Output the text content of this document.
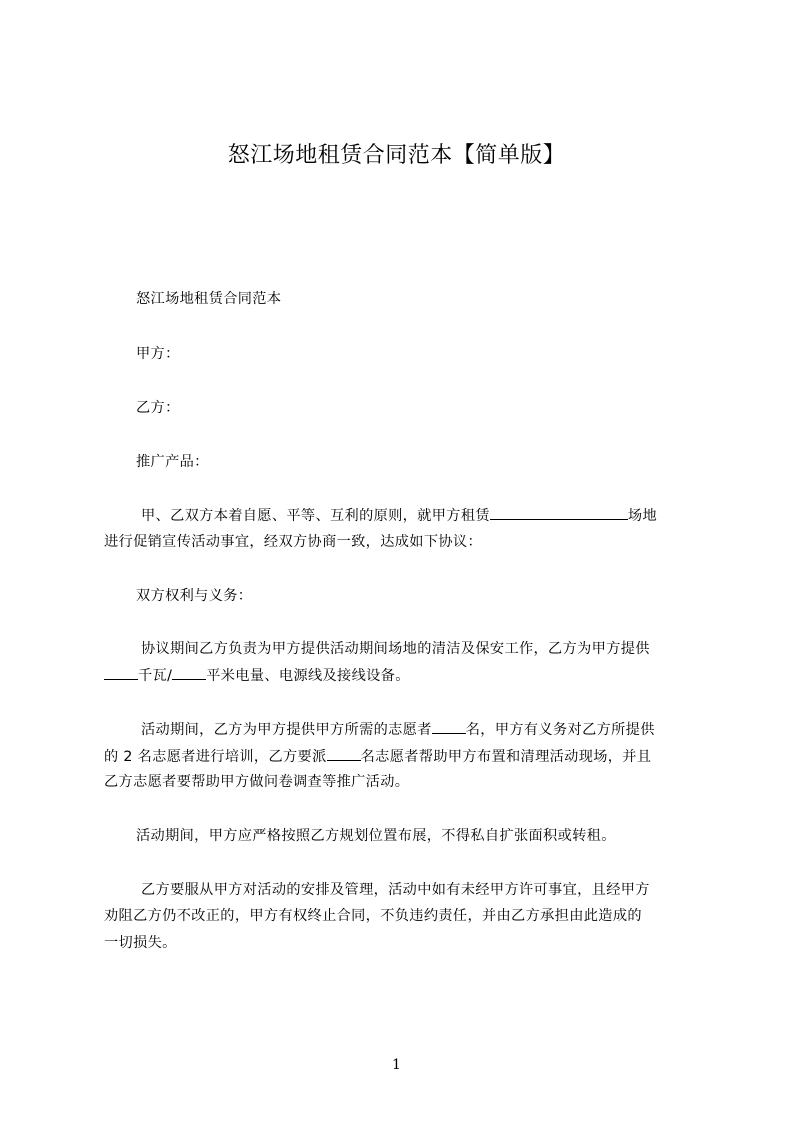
怒江场地租赁合同范本【简单版】
怒江场地租赁合同范本
甲方：
乙方：
推广产品：
甲、乙双方本着自愿、平等、互利的原则，就甲方租赁	场地
进行促销宣传活动事宜，经双方协商一致，达成如下协议：
双方权利与义务：
协议期间乙方负责为甲方提供活动期间场地的清洁及保安工作，乙方为甲方提供
千瓦/ 平米电量、电源线及接线设备。
活动期间，乙方为甲方提供甲方所需的志愿者 名，甲方有义务对乙方所提供
的 2 名志愿者进行培训，乙方要派 名志愿者帮助甲方布置和清理活动现场，并且
乙方志愿者要帮助甲方做问卷调查等推广活动。
活动期间，甲方应严格按照乙方规划位置布展，不得私自扩张面积或转租。
乙方要服从甲方对活动的安排及管理，活动中如有未经甲方许可事宜，且经甲方
劝阻乙方仍不改正的，甲方有权终止合同，不负违约责任，并由乙方承担由此造成的
一切损失。
1
